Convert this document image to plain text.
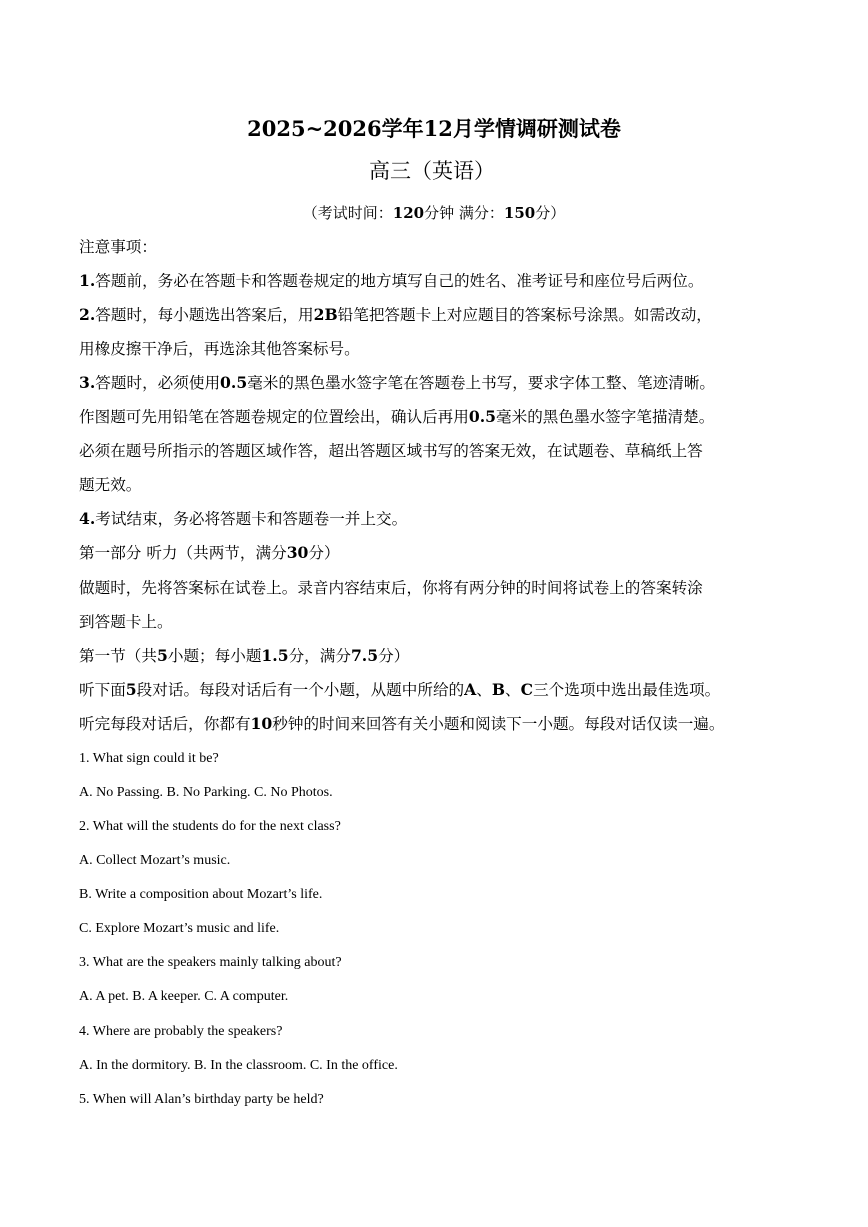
2025~2026学年12月学情调研测试卷
高三（英语）
（考试时间：120分钟 满分：150分）
注意事项：
1.答题前，务必在答题卡和答题卷规定的地方填写自己的姓名、准考证号和座位号后两位。
2.答题时，每小题选出答案后，用2B铅笔把答题卡上对应题目的答案标号涂黑。如需改动，
用橡皮擦干净后，再选涂其他答案标号。
3.答题时，必须使用0.5毫米的黑色墨水签字笔在答题卷上书写，要求字体工整、笔迹清晰。
作图题可先用铅笔在答题卷规定的位置绘出，确认后再用0.5毫米的黑色墨水签字笔描清楚。
必须在题号所指示的答题区域作答，超出答题区域书写的答案无效，在试题卷、草稿纸上答
题无效。
4.考试结束，务必将答题卡和答题卷一并上交。
第一部分 听力（共两节，满分30分）
做题时，先将答案标在试卷上。录音内容结束后，你将有两分钟的时间将试卷上的答案转涂
到答题卡上。
第一节（共5小题；每小题1.5分，满分7.5分）
听下面5段对话。每段对话后有一个小题，从题中所给的A、B、C三个选项中选出最佳选项。
听完每段对话后，你都有10秒钟的时间来回答有关小题和阅读下一小题。每段对话仅读一遍。
1. What sign could it be?
A. No Passing. B. No Parking. C. No Photos.
2. What will the students do for the next class?
A. Collect Mozart’s music.
B. Write a composition about Mozart’s life.
C. Explore Mozart’s music and life.
3. What are the speakers mainly talking about?
A. A pet. B. A keeper. C. A computer.
4. Where are probably the speakers?
A. In the dormitory. B. In the classroom. C. In the office.
5. When will Alan’s birthday party be held?
